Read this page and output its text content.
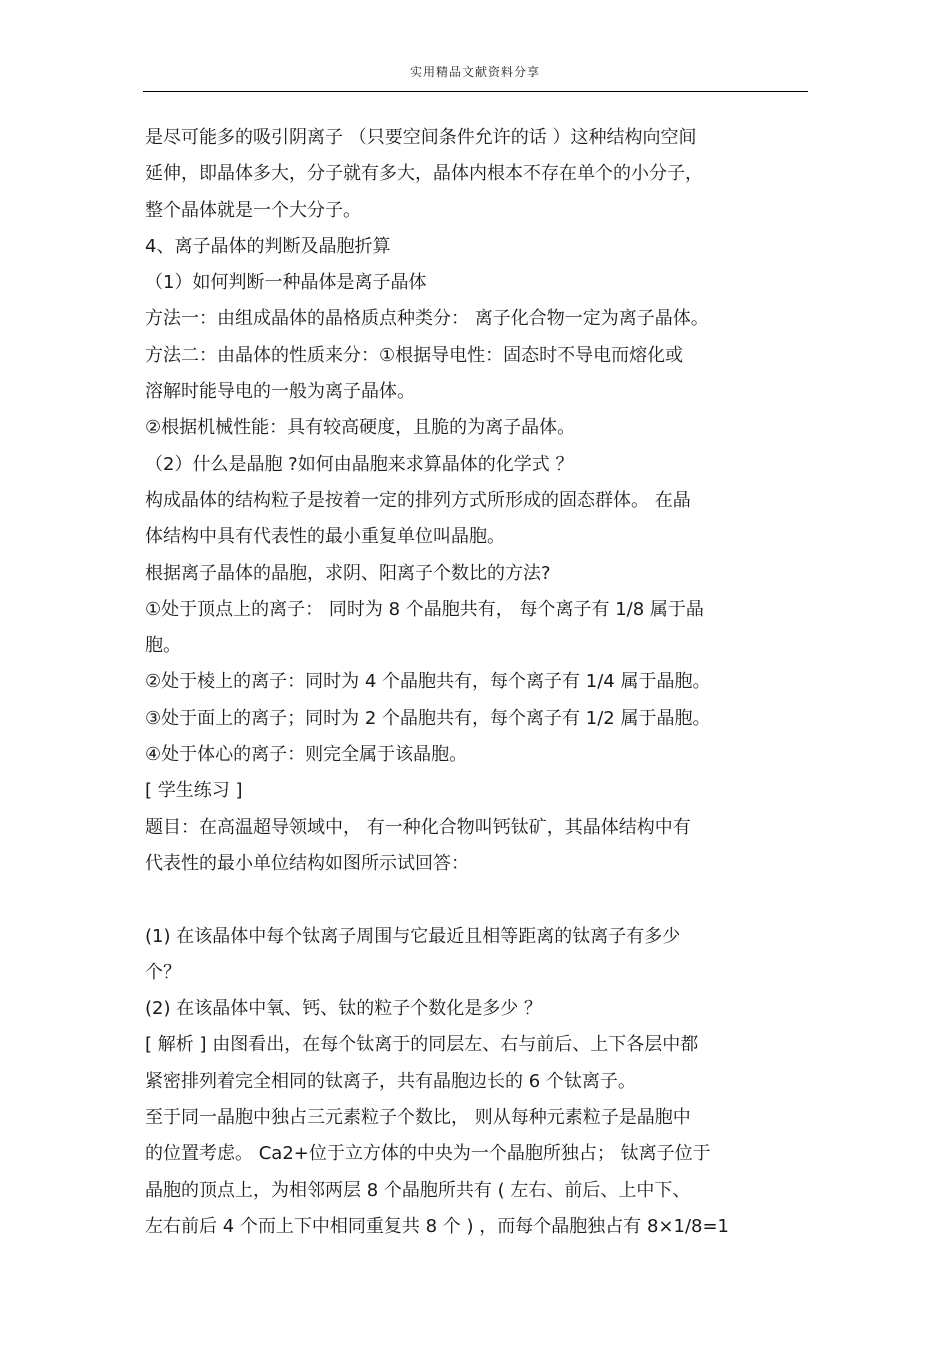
实用精品文献资料分享
是尽可能多的吸引阴离子 （只要空间条件允许的话 ）这种结构向空间
延伸，即晶体多大，分子就有多大，晶体内根本不存在单个的小分子，
整个晶体就是一个大分子。
4、离子晶体的判断及晶胞折算
（1）如何判断一种晶体是离子晶体
方法一：由组成晶体的晶格质点种类分： 离子化合物一定为离子晶体。
方法二：由晶体的性质来分：①根据导电性：固态时不导电而熔化或
溶解时能导电的一般为离子晶体。
②根据机械性能：具有较高硬度，且脆的为离子晶体。
（2）什么是晶胞 ?如何由晶胞来求算晶体的化学式 ？
构成晶体的结构粒子是按着一定的排列方式所形成的固态群体。 在晶
体结构中具有代表性的最小重复单位叫晶胞。
根据离子晶体的晶胞，求阴、阳离子个数比的方法?
①处于顶点上的离子： 同时为 8 个晶胞共有， 每个离子有 1/8 属于晶
胞。
②处于棱上的离子：同时为 4 个晶胞共有，每个离子有 1/4 属于晶胞。
③处于面上的离子；同时为 2 个晶胞共有，每个离子有 1/2 属于晶胞。
④处于体心的离子：则完全属于该晶胞。
[ 学生练习 ]
题目：在高温超导领域中， 有一种化合物叫钙钛矿，其晶体结构中有
代表性的最小单位结构如图所示试回答：
(1) 在该晶体中每个钛离子周围与它最近且相等距离的钛离子有多少
个？
(2) 在该晶体中氧、钙、钛的粒子个数化是多少 ？
[ 解析 ] 由图看出，在每个钛离于的同层左、右与前后、上下各层中都
紧密排列着完全相同的钛离子，共有晶胞边长的 6 个钛离子。
至于同一晶胞中独占三元素粒子个数比， 则从每种元素粒子是晶胞中
的位置考虑。 Ca2+位于立方体的中央为一个晶胞所独占； 钛离子位于
晶胞的顶点上，为相邻两层 8 个晶胞所共有 ( 左右、前后、上中下、
左右前后 4 个而上下中相同重复共 8 个 ) ，而每个晶胞独占有 8×1/8=1
